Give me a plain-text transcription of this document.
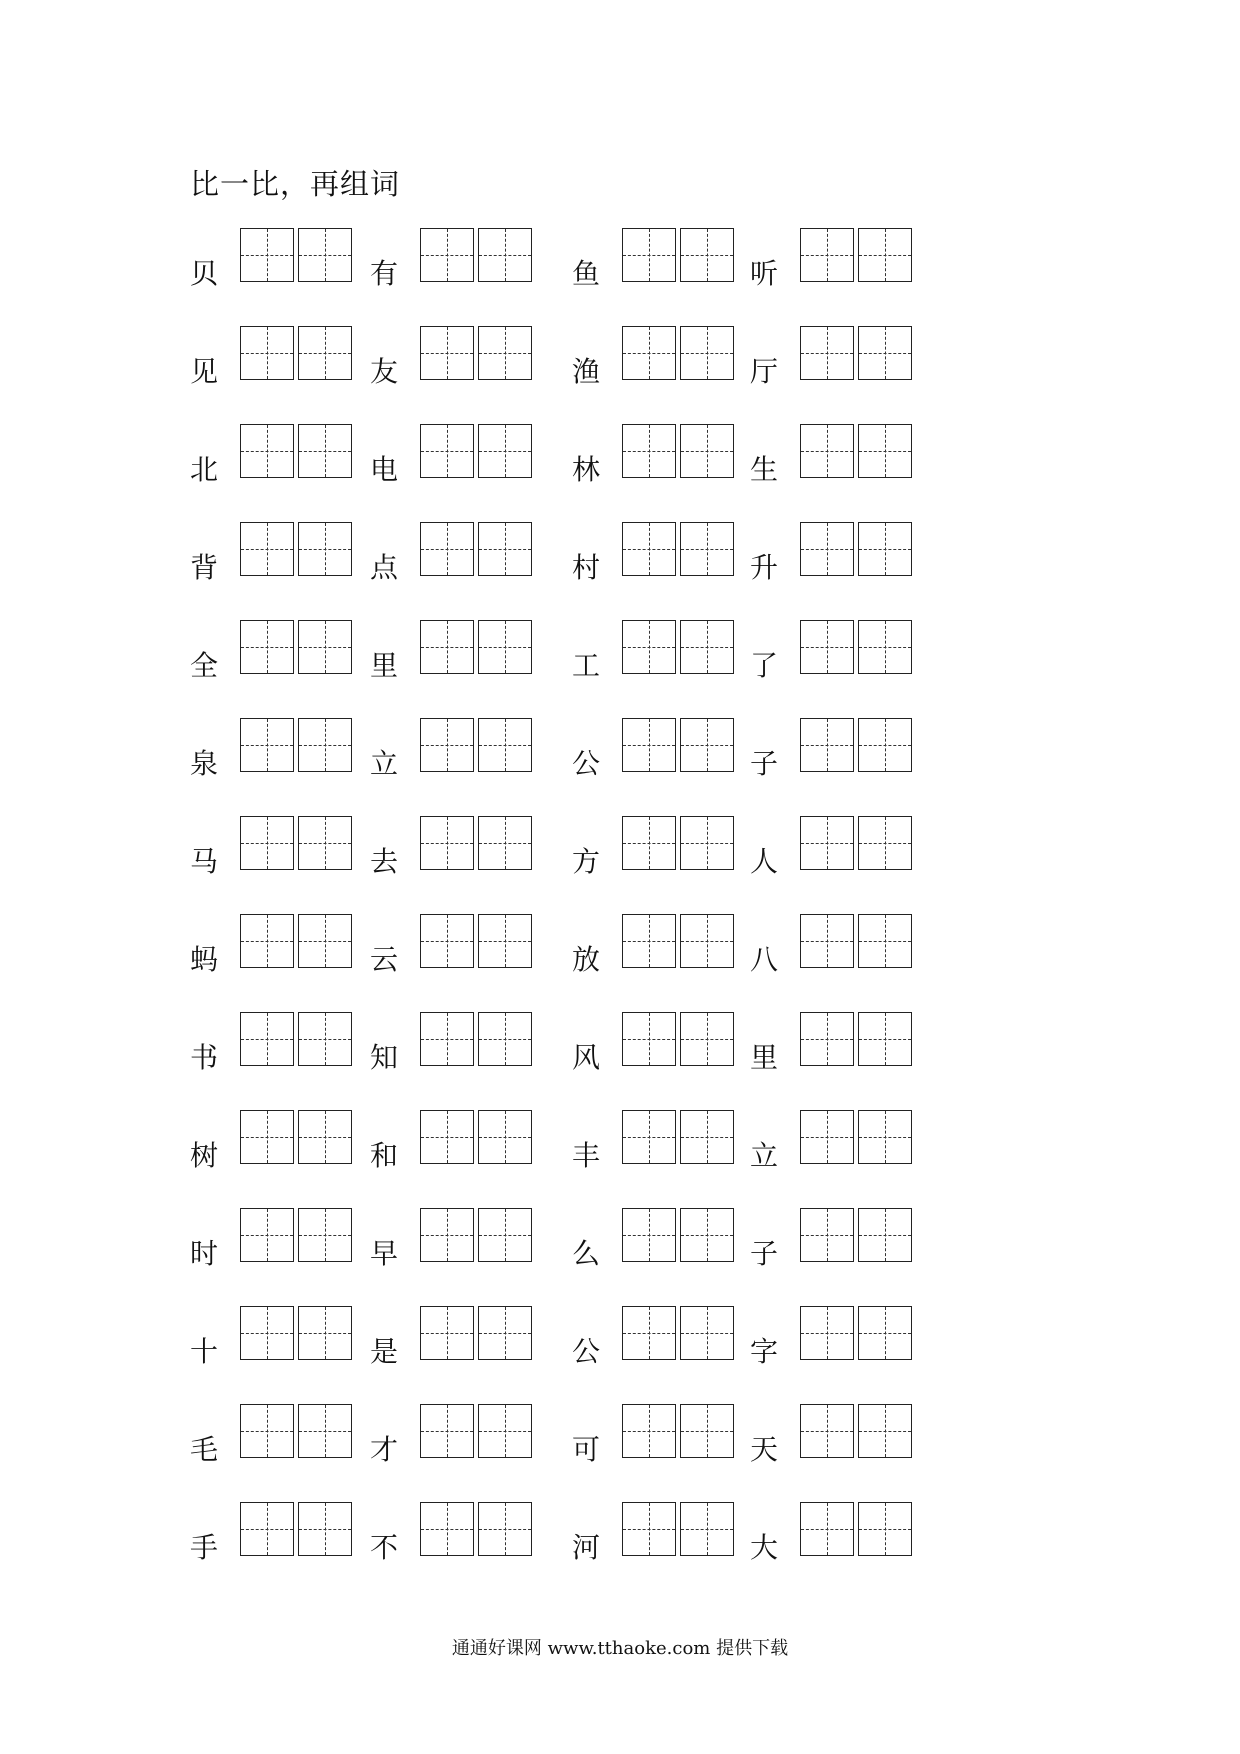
比一比，再组词
贝	有	鱼	听
见	友	渔	厅
北	电	林	生
背	点	村	升
全	里	工	了
泉	立	公	子
马	去	方	人
蚂	云	放	八
书	知	风	里
树	和	丰	立
时	早	么	子
十	是	公	字
毛	才	可	天
手	不	河	大
通通好课网 www.tthaoke.com 提供下载
